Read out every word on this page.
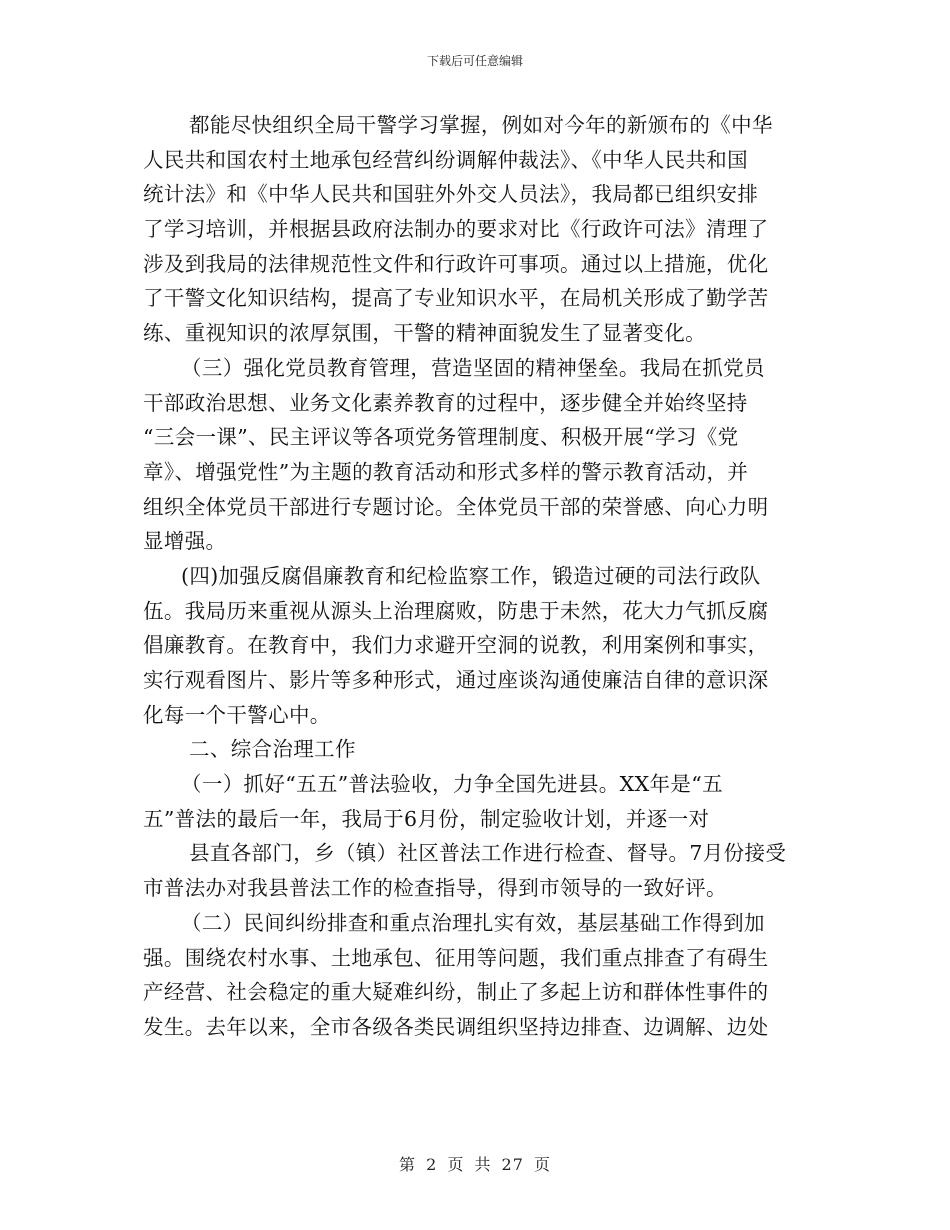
下载后可任意编辑
都能尽快组织全局干警学习掌握，例如对今年的新颁布的《中华
人民共和国农村土地承包经营纠纷调解仲裁法》、《中华人民共和国
统计法》和《中华人民共和国驻外外交人员法》，我局都已组织安排
了学习培训，并根据县政府法制办的要求对比《行政许可法》清理了
涉及到我局的法律规范性文件和行政许可事项。通过以上措施，优化
了干警文化知识结构，提高了专业知识水平，在局机关形成了勤学苦
练、重视知识的浓厚氛围，干警的精神面貌发生了显著变化。
（三）强化党员教育管理，营造坚固的精神堡垒。我局在抓党员
干部政治思想、业务文化素养教育的过程中，逐步健全并始终坚持
“三会一课”、民主评议等各项党务管理制度、积极开展“学习《党
章》、增强党性”为主题的教育活动和形式多样的警示教育活动，并
组织全体党员干部进行专题讨论。全体党员干部的荣誉感、向心力明
显增强。
(四)加强反腐倡廉教育和纪检监察工作，锻造过硬的司法行政队
伍。我局历来重视从源头上治理腐败，防患于未然，花大力气抓反腐
倡廉教育。在教育中，我们力求避开空洞的说教，利用案例和事实，
实行观看图片、影片等多种形式，通过座谈沟通使廉洁自律的意识深
化每一个干警心中。
二、综合治理工作
（一）抓好“五五”普法验收，力争全国先进县。XX年是“五
五”普法的最后一年，我局于6月份，制定验收计划，并逐一对
县直各部门，乡（镇）社区普法工作进行检查、督导。7月份接受
市普法办对我县普法工作的检查指导，得到市领导的一致好评。
（二）民间纠纷排查和重点治理扎实有效，基层基础工作得到加
强。围绕农村水事、土地承包、征用等问题，我们重点排查了有碍生
产经营、社会稳定的重大疑难纠纷，制止了多起上访和群体性事件的
发生。去年以来，全市各级各类民调组织坚持边排查、边调解、边处
第 2 页 共 27 页
